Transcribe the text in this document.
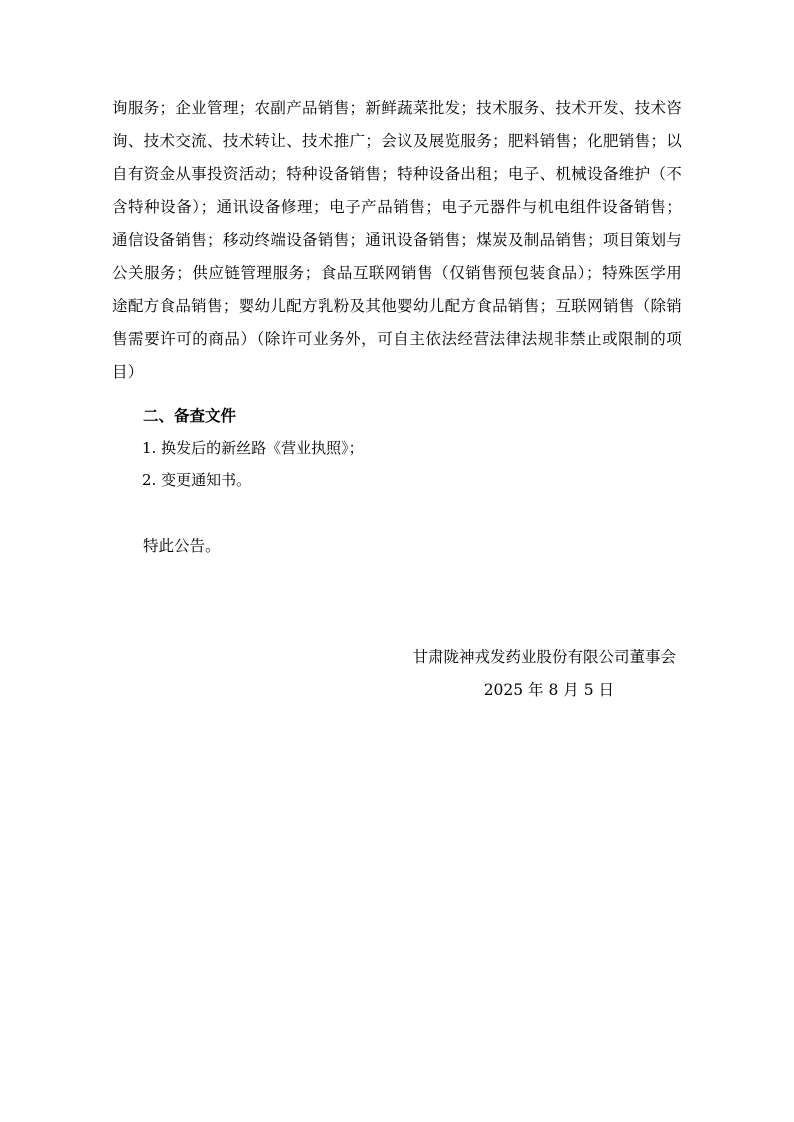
询服务；企业管理；农副产品销售；新鲜蔬菜批发；技术服务、技术开发、技术咨询、技术交流、技术转让、技术推广；会议及展览服务；肥料销售；化肥销售；以自有资金从事投资活动；特种设备销售；特种设备出租；电子、机械设备维护（不含特种设备）；通讯设备修理；电子产品销售；电子元器件与机电组件设备销售；通信设备销售；移动终端设备销售；通讯设备销售；煤炭及制品销售；项目策划与公关服务；供应链管理服务；食品互联网销售（仅销售预包装食品）；特殊医学用途配方食品销售；婴幼儿配方乳粉及其他婴幼儿配方食品销售；互联网销售（除销售需要许可的商品）（除许可业务外，可自主依法经营法律法规非禁止或限制的项目）

二、备查文件

1. 换发后的新丝路《营业执照》；

2. 变更通知书。

特此公告。

甘肃陇神戎发药业股份有限公司董事会

2025 年 8 月 5 日
